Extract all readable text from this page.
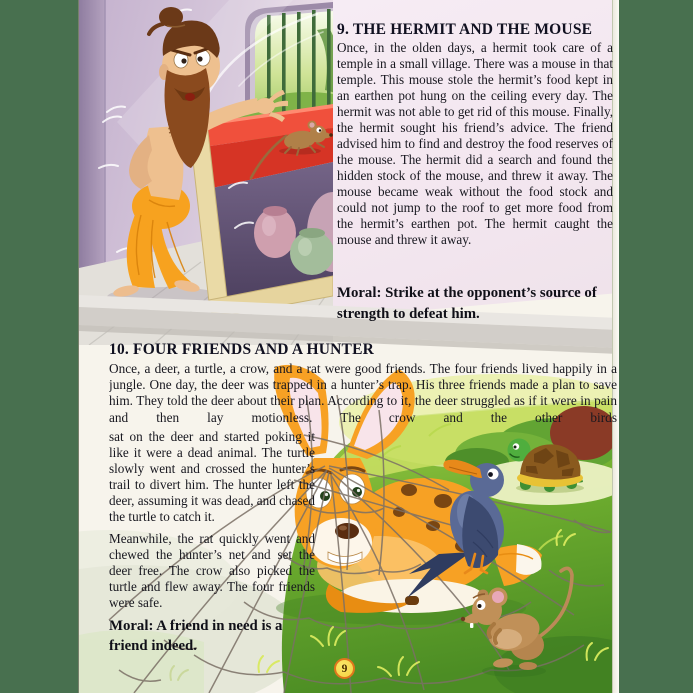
9. THE HERMIT AND THE MOUSE
Once, in the olden days, a hermit took care of a temple in a small village. There was a mouse in that temple. This mouse stole the hermit’s food kept in an earthen pot hung on the ceiling every day. The hermit was not able to get rid of this mouse. Finally, the hermit sought his friend’s advice. The friend advised him to find and destroy the food reserves of the mouse. The hermit did a search and found the hidden stock of the mouse, and threw it away. The mouse became weak without the food stock and could not jump to the roof to get more food from the hermit’s earthen pot. The hermit caught the mouse and threw it away.
Moral: Strike at the opponent’s source of strength to defeat him.
10. FOUR FRIENDS AND A HUNTER
Once, a deer, a turtle, a crow, and a rat were good friends. The four friends lived happily in a jungle. One day, the deer was trapped in a hunter’s trap. His three friends made a plan to save him. They told the deer about their plan. According to it, the deer struggled as if it were in pain and then lay motionless. The crow and the other birds

sat on the deer and started poking it like it were a dead animal. The turtle slowly went and crossed the hunter’s trail to divert him. The hunter left the deer, assuming it was dead, and chased the turtle to catch it.

Meanwhile, the rat quickly went and chewed the hunter’s net and set the deer free. The crow also picked the turtle and flew away. The four friends were safe.

Moral: A friend in need is a friend indeed.

9
